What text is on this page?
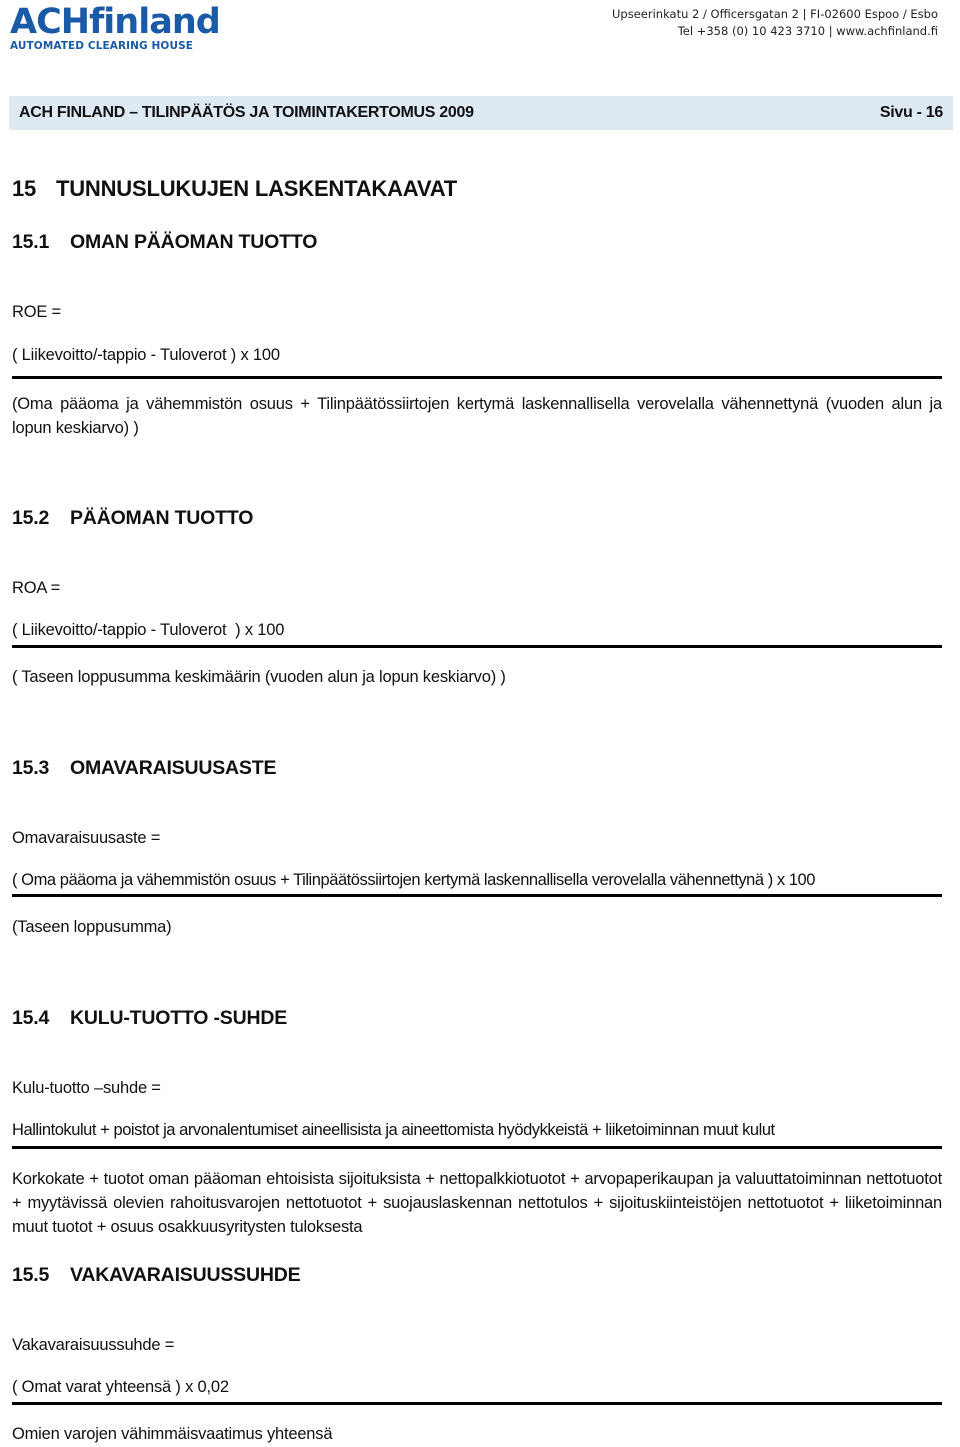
ACHfinland
AUTOMATED CLEARING HOUSE
Upseerinkatu 2 / Officersgatan 2 | FI-02600 Espoo / Esbo
Tel +358 (0) 10 423 3710 | www.achfinland.fi
ACH FINLAND – TILINPÄÄTÖS JA TOIMINTAKERTOMUS 2009	Sivu - 16
15 TUNNUSLUKUJEN LASKENTAKAAVAT
15.1 OMAN PÄÄOMAN TUOTTO
ROE =
( Liikevoitto/-tappio - Tuloverot ) x 100
(Oma pääoma ja vähemmistön osuus + Tilinpäätössiirtojen kertymä laskennallisella verovelalla vähennettynä (vuoden alun ja lopun keskiarvo) )
15.2 PÄÄOMAN TUOTTO
ROA =
( Liikevoitto/-tappio - Tuloverot  ) x 100
( Taseen loppusumma keskimäärin (vuoden alun ja lopun keskiarvo) )
15.3 OMAVARAISUUSASTE
Omavaraisuusaste =
( Oma pääoma ja vähemmistön osuus + Tilinpäätössiirtojen kertymä laskennallisella verovelalla vähennettynä ) x 100
(Taseen loppusumma)
15.4 KULU-TUOTTO -SUHDE
Kulu-tuotto –suhde =
Hallintokulut + poistot ja arvonalentumiset aineellisista ja aineettomista hyödykkeistä + liiketoiminnan muut kulut
Korkokate + tuotot oman pääoman ehtoisista sijoituksista + nettopalkkiotuotot + arvopaperikaupan ja valuuttatoiminnan nettotuotot + myytävissä olevien rahoitusvarojen nettotuotot + suojauslaskennan nettotulos + sijoituskiinteistöjen nettotuotot + liiketoiminnan muut tuotot + osuus osakkuusyritysten tuloksesta
15.5 VAKAVARAISUUSSUHDE
Vakavaraisuussuhde =
( Omat varat yhteensä ) x 0,02
Omien varojen vähimmäisvaatimus yhteensä
